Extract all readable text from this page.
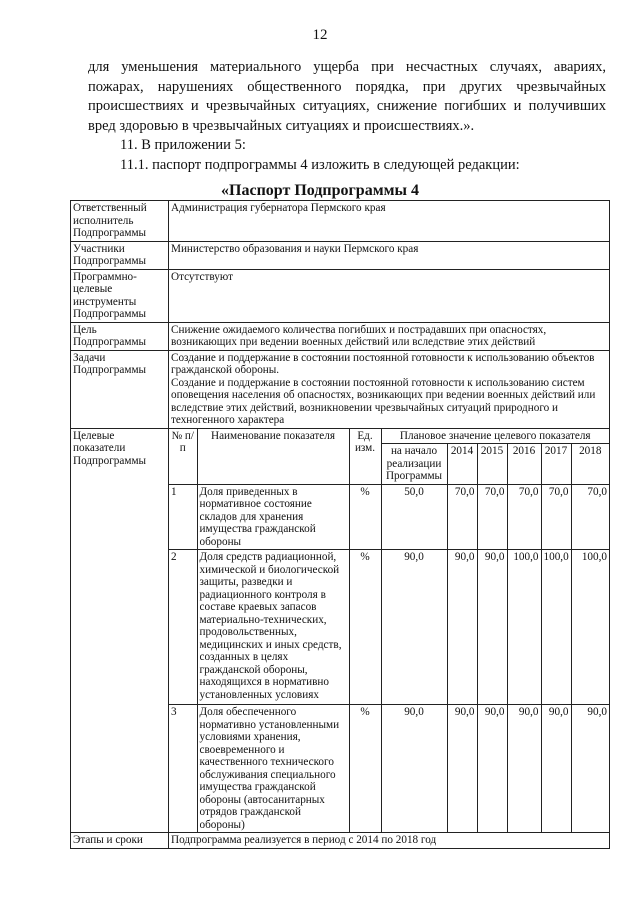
12

для уменьшения материального ущерба при несчастных случаях, авариях, пожарах, нарушениях общественного порядка, при других чрезвычайных происшествиях и чрезвычайных ситуациях, снижение погибших и получивших вред здоровью в чрезвычайных ситуациях и происшествиях.».

11. В приложении 5:

11.1. паспорт подпрограммы 4 изложить в следующей редакции:

«Паспорт Подпрограммы 4
Ответственный исполнитель Подпрограммы	Администрация губернатора Пермского края
Участники Подпрограммы	Министерство образования и науки Пермского края
Программно-целевые инструменты Подпрограммы	Отсутствуют
Цель Подпрограммы	Снижение ожидаемого количества погибших и пострадавших при опасностях, возникающих при ведении военных действий или вследствие этих действий
Задачи Подпрограммы	
Создание и поддержание в состоянии постоянной готовности к использованию объектов гражданской обороны.
Создание и поддержание в состоянии постоянной готовности к использованию систем оповещения населения об опасностях, возникающих при ведении военных действий или вследствие этих действий, возникновении чрезвычайных ситуаций природного и техногенного характера

Целевые показатели Подпрограммы	
№ п/п	Наименование показателя	Ед. изм.	Плановое значение целевого показателя
на начало реализации Программы	2014	2015	2016	2017	2018
1	Доля приведенных в нормативное состояние складов для хранения имущества гражданской обороны	%	50,0	70,0	70,0	70,0	70,0	70,0
2	Доля средств радиационной, химической и биологической защиты, разведки и радиационного контроля в составе краевых запасов материально-технических, продовольственных, медицинских и иных средств, созданных в целях гражданской обороны, находящихся в нормативно установленных условиях	%	90,0	90,0	90,0	100,0	100,0	100,0
3	Доля обеспеченного нормативно установленными условиями хранения, своевременного и качественного технического обслуживания специального имущества гражданской обороны (автосанитарных отрядов гражданской обороны)	%	90,0	90,0	90,0	90,0	90,0	90,0

Этапы и сроки	Подпрограмма реализуется в период с 2014 по 2018 год
